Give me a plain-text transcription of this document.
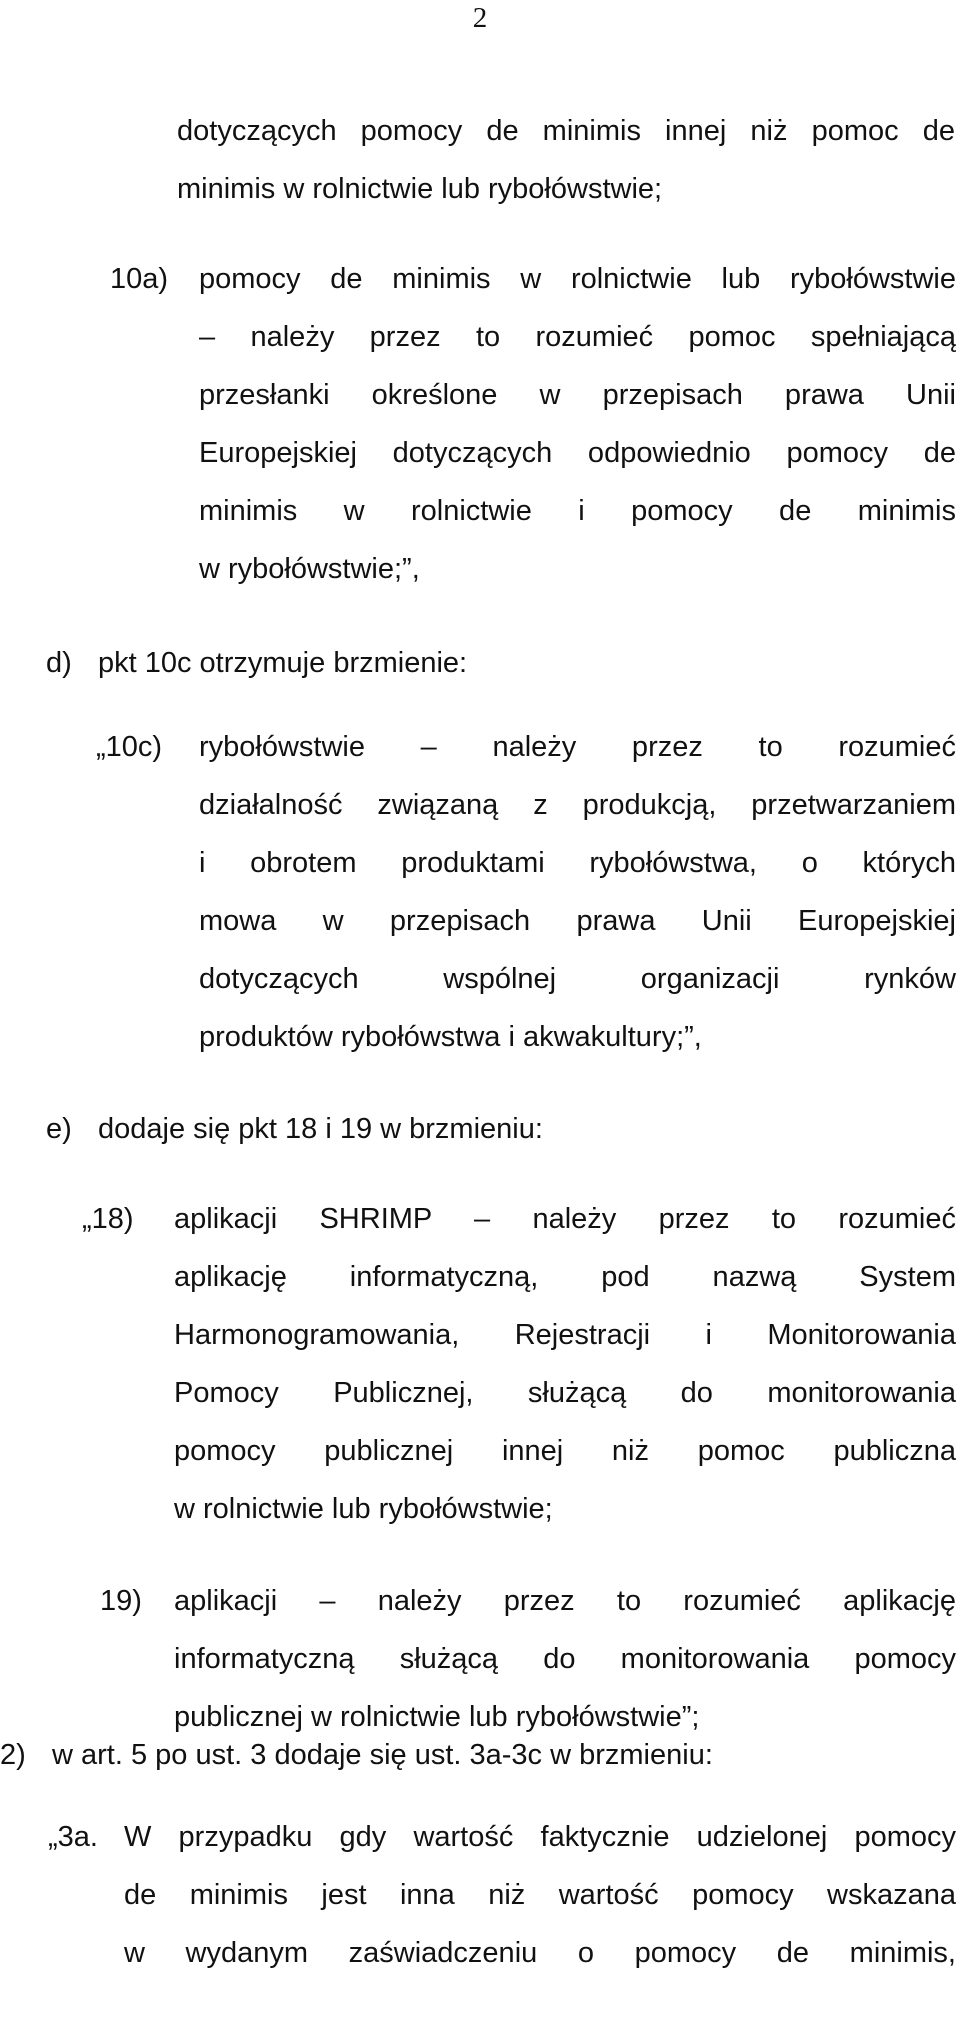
2
dotyczących pomocy de minimis innej niż pomoc de
minimis w rolnictwie lub rybołówstwie;
10a) pomocy de minimis w rolnictwie lub rybołówstwie
– należy przez to rozumieć pomoc spełniającą
przesłanki określone w przepisach prawa Unii
Europejskiej dotyczących odpowiednio pomocy de
minimis w rolnictwie i pomocy de minimis
w rybołówstwie;”,
d) pkt 10c otrzymuje brzmienie:
„10c) rybołówstwie – należy przez to rozumieć
działalność związaną z produkcją, przetwarzaniem
i obrotem produktami rybołówstwa, o których
mowa w przepisach prawa Unii Europejskiej
dotyczących wspólnej organizacji rynków
produktów rybołówstwa i akwakultury;”,
e) dodaje się pkt 18 i 19 w brzmieniu:
„18) aplikacji SHRIMP – należy przez to rozumieć
aplikację informatyczną, pod nazwą System
Harmonogramowania, Rejestracji i Monitorowania
Pomocy Publicznej, służącą do monitorowania
pomocy publicznej innej niż pomoc publiczna
w rolnictwie lub rybołówstwie;
19) aplikacji – należy przez to rozumieć aplikację
informatyczną służącą do monitorowania pomocy
publicznej w rolnictwie lub rybołówstwie”;
2) w art. 5 po ust. 3 dodaje się ust. 3a-3c w brzmieniu:
„3a. W przypadku gdy wartość faktycznie udzielonej pomocy
de minimis jest inna niż wartość pomocy wskazana
w wydanym zaświadczeniu o pomocy de minimis,
